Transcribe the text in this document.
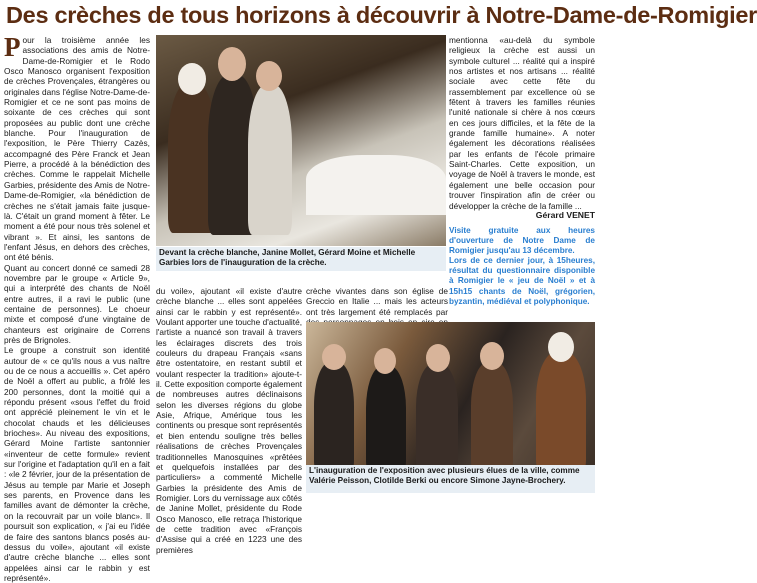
Des crèches de tous horizons à découvrir à Notre-Dame-de-Romigier
P our la troisième année les associations des amis de Notre-Dame-de-Romigier et le Rodo Osco Manosco organisent l'exposition de crèches Provençales, étrangères ou originales dans l'église Notre-Dame-de-Romigier et ce ne sont pas moins de soixante de ces crèches qui sont proposées au public dont une crèche blanche. Pour l'inauguration de l'exposition, le Père Thierry Cazès, accompagné des Père Franck et Jean Pierre, a procédé à la bénédiction des crèches. Comme le rappelait Michelle Garbies, présidente des Amis de Notre-Dame-de-Romigier, «la bénédiction de crèches ne s'était jamais faite jusque-là. C'était un grand moment à fêter. Le moment a été pour nous très solenel et vibrant ». Et ainsi, les santons de l'enfant Jésus, en dehors des crèches, ont été bénis.

Quant au concert donné ce samedi 28 novembre par le groupe « Article 9», qui a interprété des chants de Noël entre autres, il a ravi le public (une centaine de personnes). Le choeur mixte et composé d'une vingtaine de chanteurs est originaire de Correns près de Brignoles.

Le groupe a construit son identité autour de « ce qu'ils nous a vus naître ou de ce nous a accueillis ». Cet apéro de Noël a offert au public, a frôlé les 200 personnes, dont la moitié qui a répondu présent «sous l'effet du froid ont apprécié pleinement le vin et le chocolat chauds et les délicieuses brioches». Au niveau des expositions, Gérard Moine l'artiste santonnier «inventeur de cette formule» revient sur l'origine et l'adaptation qu'il en a fait : «le 2 février, jour de la présentation de Jésus au temple par Marie et Joseph ses parents, en Provence dans les familles avant de démonter la crèche, on la recouvrait par un voile blanc». Il poursuit son explication, « j'ai eu l'idée de faire des santons blancs posés au-dessus du voile», ajoutant «il existe d'autre crèche blanche ... elles sont appelées ainsi car le rabbin y est représenté».

Devant la crèche blanche, Janine Mollet, Gérard Moine et Michelle Garbies lors de l'inauguration de la crèche.

du voile», ajoutant «il existe d'autre crèche blanche ... elles sont appelées ainsi car le rabbin y est représenté». Voulant apporter une touche d'actualité, l'artiste a nuancé son travail à travers les éclairages discrets des trois couleurs du drapeau Français «sans être ostentatoire, en restant subtil et voulant respecter la tradition» ajoute-t-il. Cette exposition comporte également de nombreuses autres déclinaisons selon les diverses régions du globe Asie, Afrique, Amérique tous les continents ou presque sont représentés et bien entendu souligne très belles réalisations de crèches Provençales traditionnelles Manosquines «prêtées et quelquefois installées par des particuliers» a commenté Michelle Garbies la présidente des Amis de Romigier. Lors du vernissage aux côtés de Janine Mollet, présidente du Rode Osco Manosco, elle retraça l'historique de cette tradition avec «François d'Assise qui a créé en 1223 une des premières

crèche vivantes dans son église de Greccio en Italie ... mais les acteurs ont très largement été remplacés par

mentionna «au-delà du symbole religieux la crèche est aussi un symbole culturel ... réalité qui a inspiré nos artistes et nos artisans ... réalité sociale avec cette fête du rassemblement par excellence où se fêtent à travers les familles réunies l'unité nationale si chère à nos cœurs en ces jours difficiles, et la fête de la grande famille humaine». A noter également les décorations réalisées par les enfants de l'école primaire Saint-Charles. Cette exposition, un voyage de Noël à travers le monde, est également une belle occasion pour trouver l'inspiration afin de créer ou développer la crèche de la famille ...

Gérard VENET

Visite gratuite aux heures d'ouverture de Notre Dame de Romigier jusqu'au 13 décembre.

Lors de ce dernier jour, à 15heures, résultat du questionnaire disponible à Romigier le « jeu de Noël » et à 15h15 chants de Noël, grégorien, byzantin, médiéval et polyphonique.

L'inauguration de l'exposition avec plusieurs élues de la ville, comme Valérie Peisson, Clotilde Berki ou encore Simone Jayne-Brochery.
